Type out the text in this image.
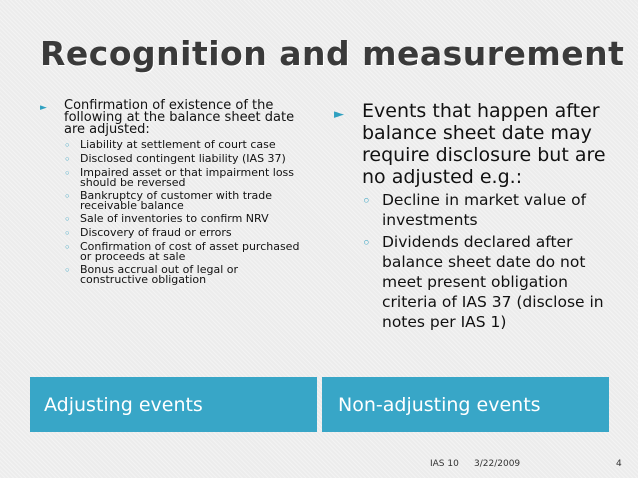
Recognition and measurement
►	Confirmation of existence of the following at the balance sheet date are adjusted:
◦ Liability at settlement of court case
◦ Disclosed contingent liability (IAS 37)
◦ Impaired asset or that impairment loss should be reversed
◦ Bankruptcy of customer with trade receivable balance
◦ Sale of inventories to confirm NRV
◦ Discovery of fraud or errors
◦ Confirmation of cost of asset purchased or proceeds at sale
◦ Bonus accrual out of legal or constructive obligation
► Events that happen after balance sheet date may require disclosure but are no adjusted e.g.:
◦ Decline in market value of investments
◦ Dividends declared after balance sheet date do not meet present obligation criteria of IAS 37 (disclose in notes per IAS 1)
Adjusting events	Non-adjusting events
IAS 10 3/22/2009	4
